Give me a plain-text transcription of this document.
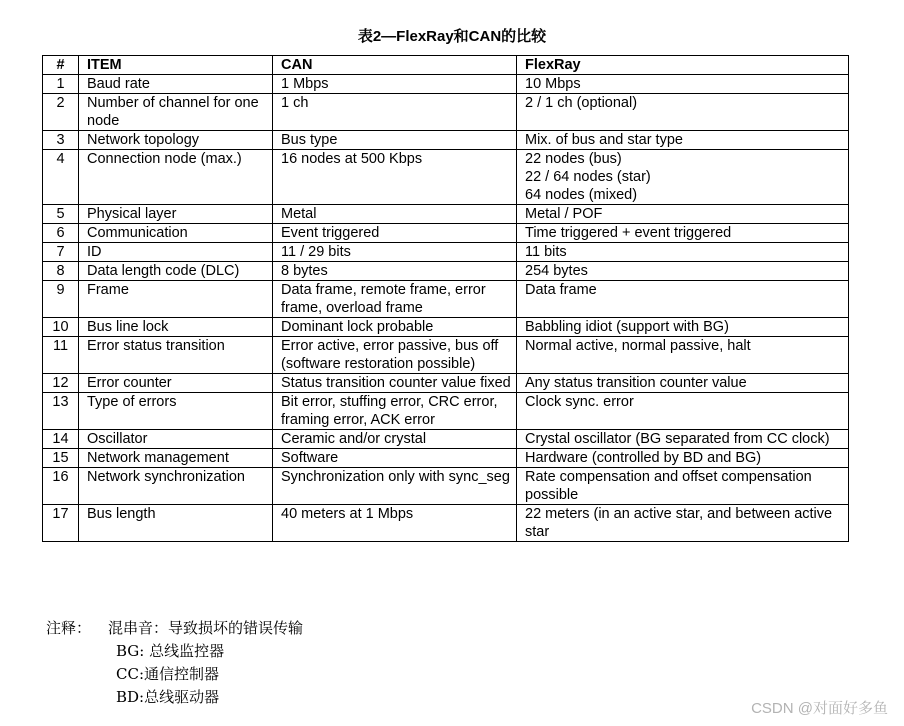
表2—FlexRay和CAN的比较
#	ITEM	CAN	FlexRay
1	Baud rate	1 Mbps	10 Mbps
2	Number of channel for one node	1 ch	2 / 1 ch (optional)
3	Network topology	Bus type	Mix. of bus and star type
4	Connection node (max.)	16 nodes at 500 Kbps	22 nodes (bus)
22 / 64 nodes (star)
64 nodes (mixed)
5	Physical layer	Metal	Metal / POF
6	Communication	Event triggered	Time triggered + event triggered
7	ID	11 / 29 bits	11 bits
8	Data length code (DLC)	8 bytes	254 bytes
9	Frame	Data frame, remote frame, error frame, overload frame	Data frame
10	Bus line lock	Dominant lock probable	Babbling idiot (support with BG)
11	Error status transition	Error active, error passive, bus off (software restoration possible)	Normal active, normal passive, halt
12	Error counter	Status transition counter value fixed	Any status transition counter value
13	Type of errors	Bit error, stuffing error, CRC error, framing error, ACK error	Clock sync. error
14	Oscillator	Ceramic and/or crystal	Crystal oscillator (BG separated from CC clock)
15	Network management	Software	Hardware (controlled by BD and BG)
16	Network synchronization	Synchronization only with sync_seg	Rate compensation and offset compensation possible
17	Bus length	40 meters at 1 Mbps	22 meters (in an active star, and between active star
注释： 混串音：导致损坏的错误传输
BG: 总线监控器
CC:通信控制器
BD:总线驱动器
CSDN @对面好多鱼
